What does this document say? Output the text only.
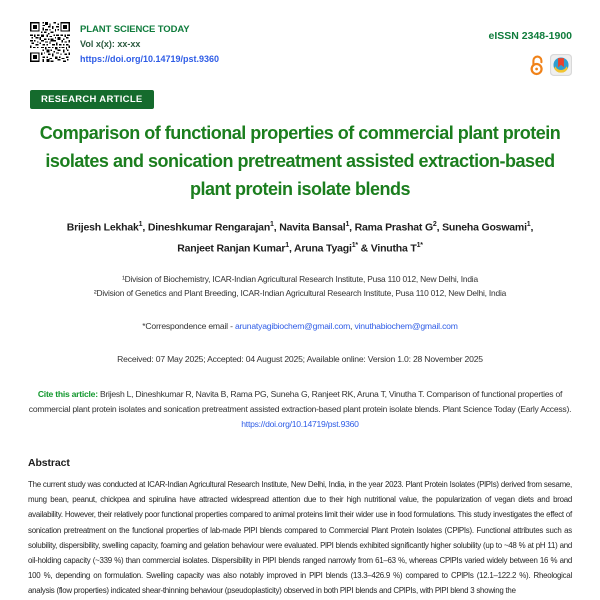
PLANT SCIENCE TODAY
Vol x(x): xx-xx
https://doi.org/10.14719/pst.9360
eISSN 2348-1900
RESEARCH ARTICLE
Comparison of functional properties of commercial plant protein isolates and sonication pretreatment assisted extraction-based plant protein isolate blends
Brijesh Lekhak$^1$, Dineshkumar Rengarajan$^1$, Navita Bansal$^1$, Rama Prashat $G^2$, Suneha Goswami$^1$, Ranjeet Ranjan Kumar$^1$, Aruna Tyagi$^{1*}$ & Vinutha $T^{1*}$
¹Division of Biochemistry, ICAR-Indian Agricultural Research Institute, Pusa 110 012, New Delhi, India
²Division of Genetics and Plant Breeding, ICAR-Indian Agricultural Research Institute, Pusa 110 012, New Delhi, India
*Correspondence email - arunatyagibiochem@gmail.com, vinuthabiochem@gmail.com
Received: 07 May 2025; Accepted: 04 August 2025; Available online: Version 1.0: 28 November 2025

Cite this article: Brijesh L, Dineshkumar R, Navita B, Rama PG, Suneha G, Ranjeet RK, Aruna T, Vinutha T. Comparison of functional properties of commercial plant protein isolates and sonication pretreatment assisted extraction-based plant protein isolate blends. Plant Science Today (Early Access). https://doi.org/10.14719/pst.9360

Abstract

The current study was conducted at ICAR-Indian Agricultural Research Institute, New Delhi, India, in the year 2023. Plant Protein Isolates (PlPIs) derived from sesame, mung bean, peanut, chickpea and spirulina have attracted widespread attention due to their high nutritional value, the popularization of vegan diets and broad availability. However, their relatively poor functional properties compared to animal proteins limit their wider use in food formulations. This study investigates the effect of sonication pretreatment on the functional properties of lab-made PlPI blends compared to Commercial Plant Protein Isolates (CPlPIs). Functional attributes such as solubility, dispersibility, swelling capacity, foaming and gelation behaviour were evaluated. PlPI blends exhibited significantly higher solubility (up to ~48 % at pH 11) and oil-holding capacity (~339 %) than commercial isolates. Dispersibility in PlPI blends ranged narrowly from 61–63 %, whereas CPlPIs varied widely between 16 % and 100 %, depending on formulation. Swelling capacity was also notably improved in PlPI blends (13.3–426.9 %) compared to CPlPIs (12.1–122.2 %). Rheological analysis (flow properties) indicated shear-thinning behaviour (pseudoplasticity) observed in both PlPI blends and CPlPIs, with PlPI blend 3 showing the
